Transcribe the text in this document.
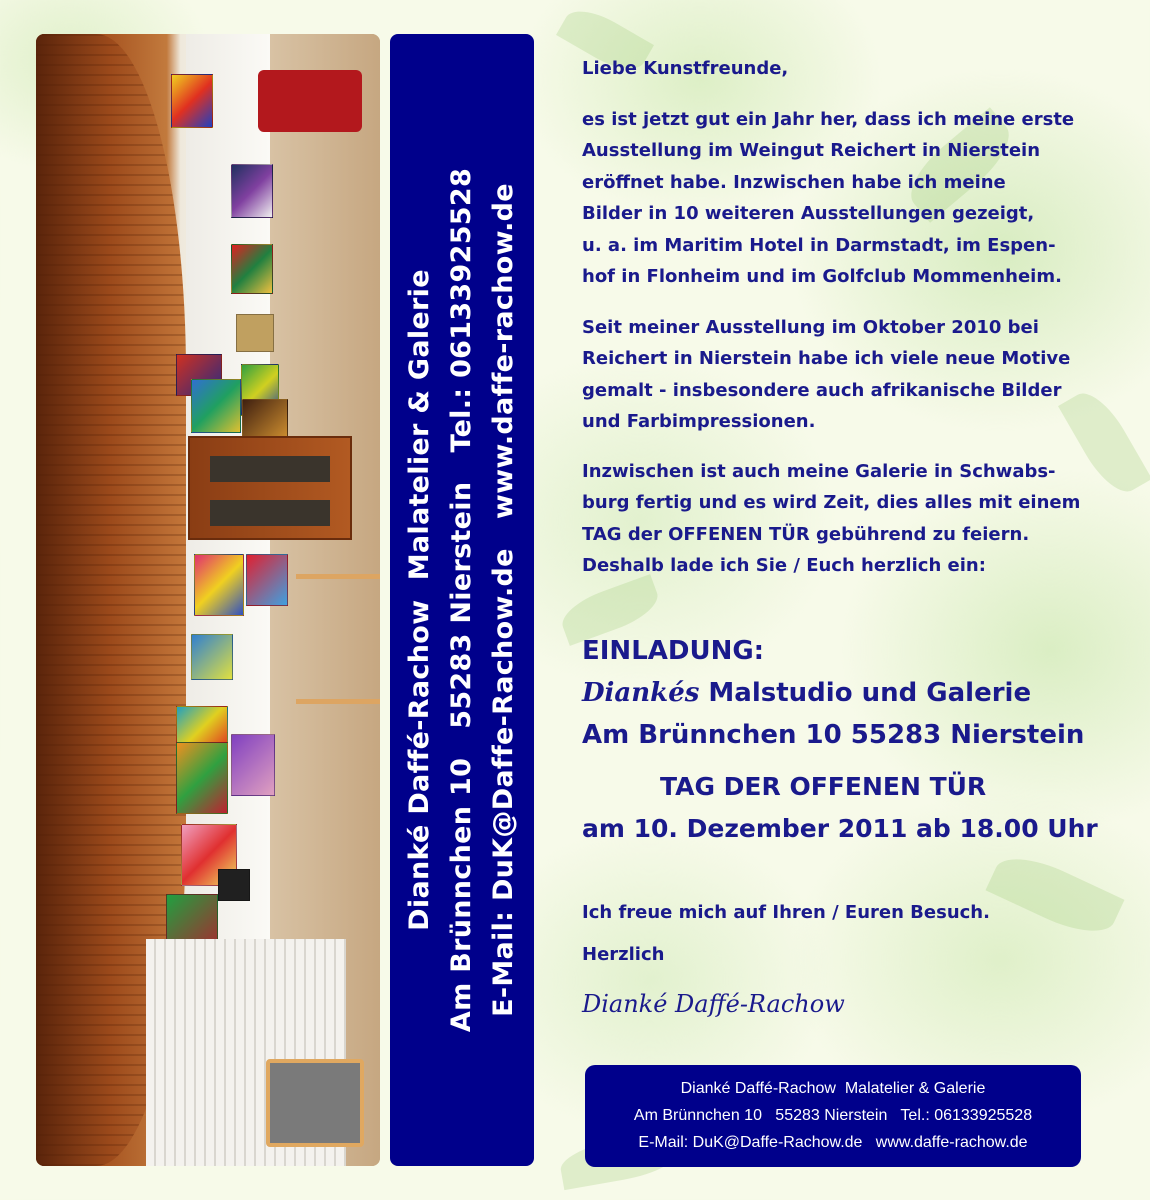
Dianké Daffé-Rachow  Malatelier & Galerie Am Brünnchen 10   55283 Nierstein   Tel.: 06133925528 E-Mail: DuK@Daffe-Rachow.de   www.daffe-rachow.de
Liebe Kunstfreunde,
es ist jetzt gut ein Jahr her, dass ich meine erste
Ausstellung im Weingut Reichert in Nierstein
eröffnet habe. Inzwischen habe ich meine
Bilder in 10 weiteren Ausstellungen gezeigt,
u. a. im Maritim Hotel in Darmstadt, im Espen-
hof in Flonheim und im Golfclub Mommenheim.
Seit meiner Ausstellung im Oktober 2010 bei
Reichert in Nierstein habe ich viele neue Motive
gemalt - insbesondere auch afrikanische Bilder
und Farbimpressionen.
Inzwischen ist auch meine Galerie in Schwabs-
burg fertig und es wird Zeit, dies alles mit einem
TAG der OFFENEN TÜR gebührend zu feiern.
Deshalb lade ich Sie / Euch herzlich ein:
EINLADUNG:
Diankés Malstudio und Galerie
Am Brünnchen 10 55283 Nierstein
TAG DER OFFENEN TÜR
am 10. Dezember 2011 ab 18.00 Uhr
Ich freue mich auf Ihren / Euren Besuch.
Herzlich
Dianké Daffé-Rachow
Dianké Daffé-Rachow  Malatelier & Galerie
Am Brünnchen 10   55283 Nierstein   Tel.: 06133925528
E-Mail: DuK@Daffe-Rachow.de   www.daffe-rachow.de
